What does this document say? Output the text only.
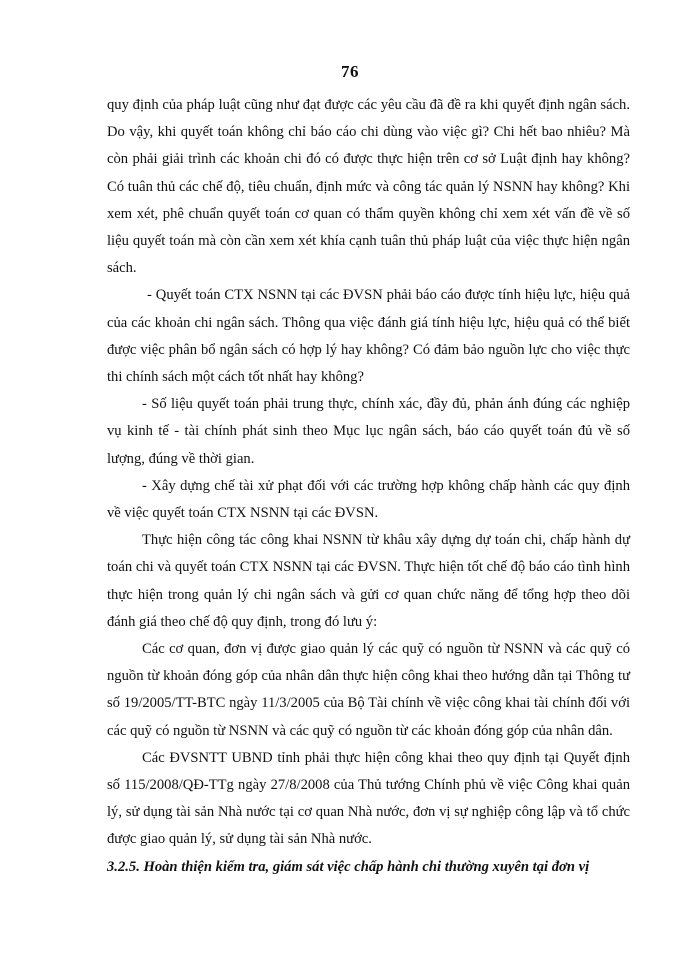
76

quy định của pháp luật cũng như đạt được các yêu cầu đã đề ra khi quyết định ngân sách. Do vậy, khi quyết toán không chỉ báo cáo chi dùng vào việc gì? Chi hết bao nhiêu? Mà còn phải giải trình các khoản chi đó có được thực hiện trên cơ sở Luật định hay không? Có tuân thủ các chế độ, tiêu chuẩn, định mức và công tác quản lý NSNN hay không? Khi xem xét, phê chuẩn quyết toán cơ quan có thẩm quyền không chỉ xem xét vấn đề về số liệu quyết toán mà còn cần xem xét khía cạnh tuân thủ pháp luật của việc thực hiện ngân sách.

- Quyết toán CTX NSNN tại các ĐVSN phải báo cáo được tính hiệu lực, hiệu quả của các khoản chi ngân sách. Thông qua việc đánh giá tính hiệu lực, hiệu quả có thể biết được việc phân bổ ngân sách có hợp lý hay không? Có đảm bảo nguồn lực cho việc thực thi chính sách một cách tốt nhất hay không?

- Số liệu quyết toán phải trung thực, chính xác, đầy đủ, phản ánh đúng các nghiệp vụ kinh tế - tài chính phát sinh theo Mục lục ngân sách, báo cáo quyết toán đủ về số lượng, đúng về thời gian.

- Xây dựng chế tài xử phạt đối với các trường hợp không chấp hành các quy định về việc quyết toán CTX NSNN tại các ĐVSN.

Thực hiện công tác công khai NSNN từ khâu xây dựng dự toán chi, chấp hành dự toán chi và quyết toán CTX NSNN tại các ĐVSN. Thực hiện tốt chế độ báo cáo tình hình thực hiện trong quản lý chi ngân sách và gửi cơ quan chức năng để tổng hợp theo dõi đánh giá theo chế độ quy định, trong đó lưu ý:

Các cơ quan, đơn vị được giao quản lý các quỹ có nguồn từ NSNN và các quỹ có nguồn từ khoản đóng góp của nhân dân thực hiện công khai theo hướng dẫn tại Thông tư số 19/2005/TT-BTC ngày 11/3/2005 của Bộ Tài chính về việc công khai tài chính đối với các quỹ có nguồn từ NSNN và các quỹ có nguồn từ các khoản đóng góp của nhân dân.

Các ĐVSNTT UBND tỉnh phải thực hiện công khai theo quy định tại Quyết định số 115/2008/QĐ-TTg ngày 27/8/2008 của Thủ tướng Chính phủ về việc Công khai quản lý, sử dụng tài sản Nhà nước tại cơ quan Nhà nước, đơn vị sự nghiệp công lập và tổ chức được giao quản lý, sử dụng tài sản Nhà nước.

3.2.5. Hoàn thiện kiểm tra, giám sát việc chấp hành chi thường xuyên tại đơn vị
